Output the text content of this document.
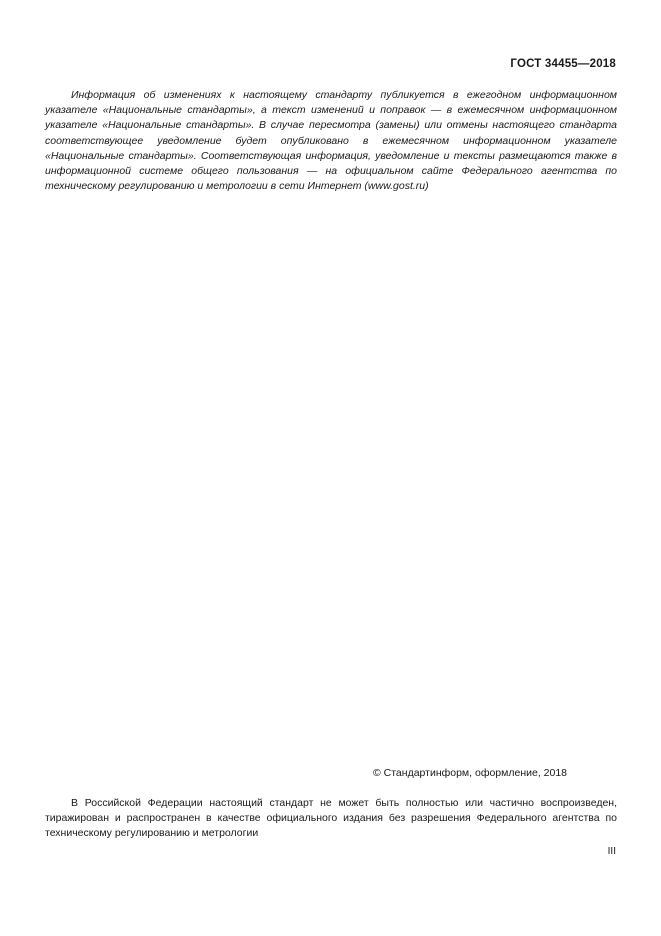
ГОСТ 34455—2018

Информация об изменениях к настоящему стандарту публикуется в ежегодном информационном указателе «Национальные стандарты», а текст изменений и поправок — в ежемесячном информационном указателе «Национальные стандарты». В случае пересмотра (замены) или отмены настоящего стандарта соответствующее уведомление будет опубликовано в ежемесячном информационном указателе «Национальные стандарты». Соответствующая информация, уведомление и тексты размещаются также в информационной системе общего пользования — на официальном сайте Федерального агентства по техническому регулированию и метрологии в сети Интернет (www.gost.ru)

© Стандартинформ, оформление, 2018

В Российской Федерации настоящий стандарт не может быть полностью или частично воспроизведен, тиражирован и распространен в качестве официального издания без разрешения Федерального агентства по техническому регулированию и метрологии

III
